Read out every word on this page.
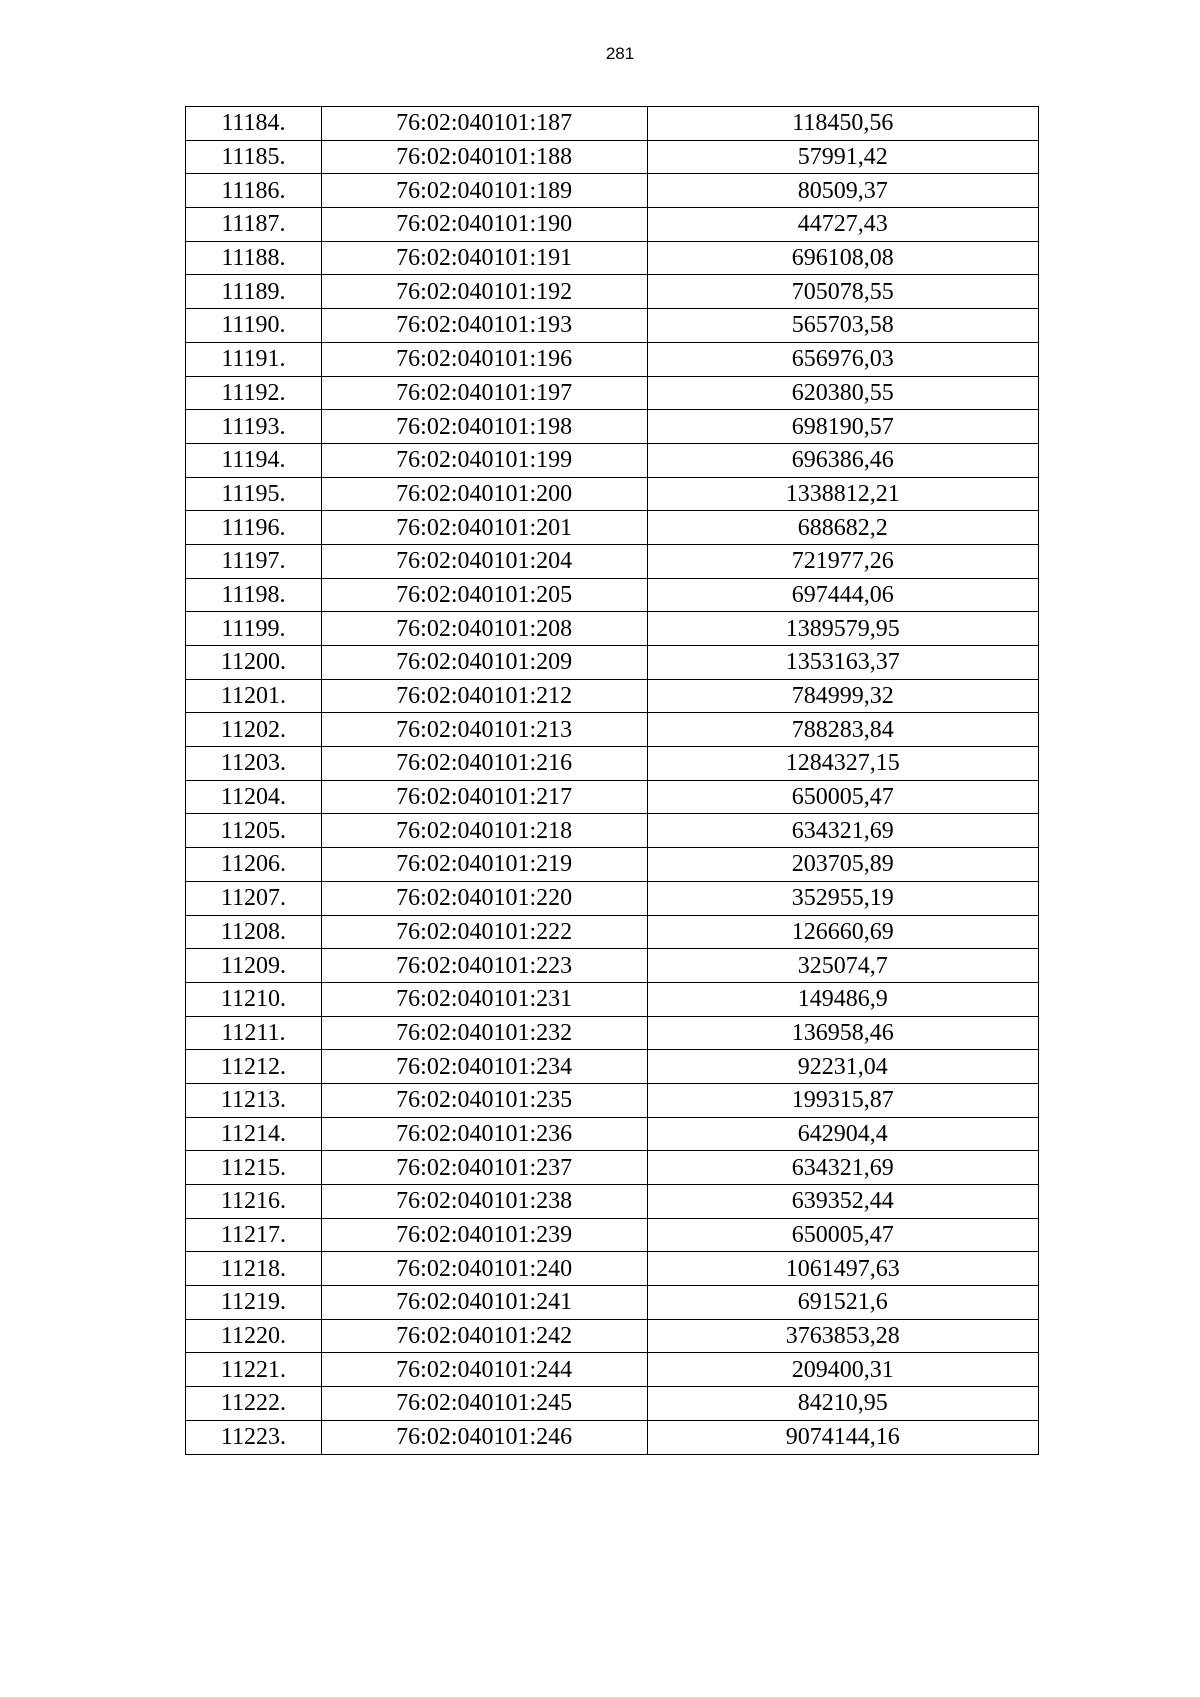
281
11184.	76:02:040101:187	118450,56
11185.	76:02:040101:188	57991,42
11186.	76:02:040101:189	80509,37
11187.	76:02:040101:190	44727,43
11188.	76:02:040101:191	696108,08
11189.	76:02:040101:192	705078,55
11190.	76:02:040101:193	565703,58
11191.	76:02:040101:196	656976,03
11192.	76:02:040101:197	620380,55
11193.	76:02:040101:198	698190,57
11194.	76:02:040101:199	696386,46
11195.	76:02:040101:200	1338812,21
11196.	76:02:040101:201	688682,2
11197.	76:02:040101:204	721977,26
11198.	76:02:040101:205	697444,06
11199.	76:02:040101:208	1389579,95
11200.	76:02:040101:209	1353163,37
11201.	76:02:040101:212	784999,32
11202.	76:02:040101:213	788283,84
11203.	76:02:040101:216	1284327,15
11204.	76:02:040101:217	650005,47
11205.	76:02:040101:218	634321,69
11206.	76:02:040101:219	203705,89
11207.	76:02:040101:220	352955,19
11208.	76:02:040101:222	126660,69
11209.	76:02:040101:223	325074,7
11210.	76:02:040101:231	149486,9
11211.	76:02:040101:232	136958,46
11212.	76:02:040101:234	92231,04
11213.	76:02:040101:235	199315,87
11214.	76:02:040101:236	642904,4
11215.	76:02:040101:237	634321,69
11216.	76:02:040101:238	639352,44
11217.	76:02:040101:239	650005,47
11218.	76:02:040101:240	1061497,63
11219.	76:02:040101:241	691521,6
11220.	76:02:040101:242	3763853,28
11221.	76:02:040101:244	209400,31
11222.	76:02:040101:245	84210,95
11223.	76:02:040101:246	9074144,16
